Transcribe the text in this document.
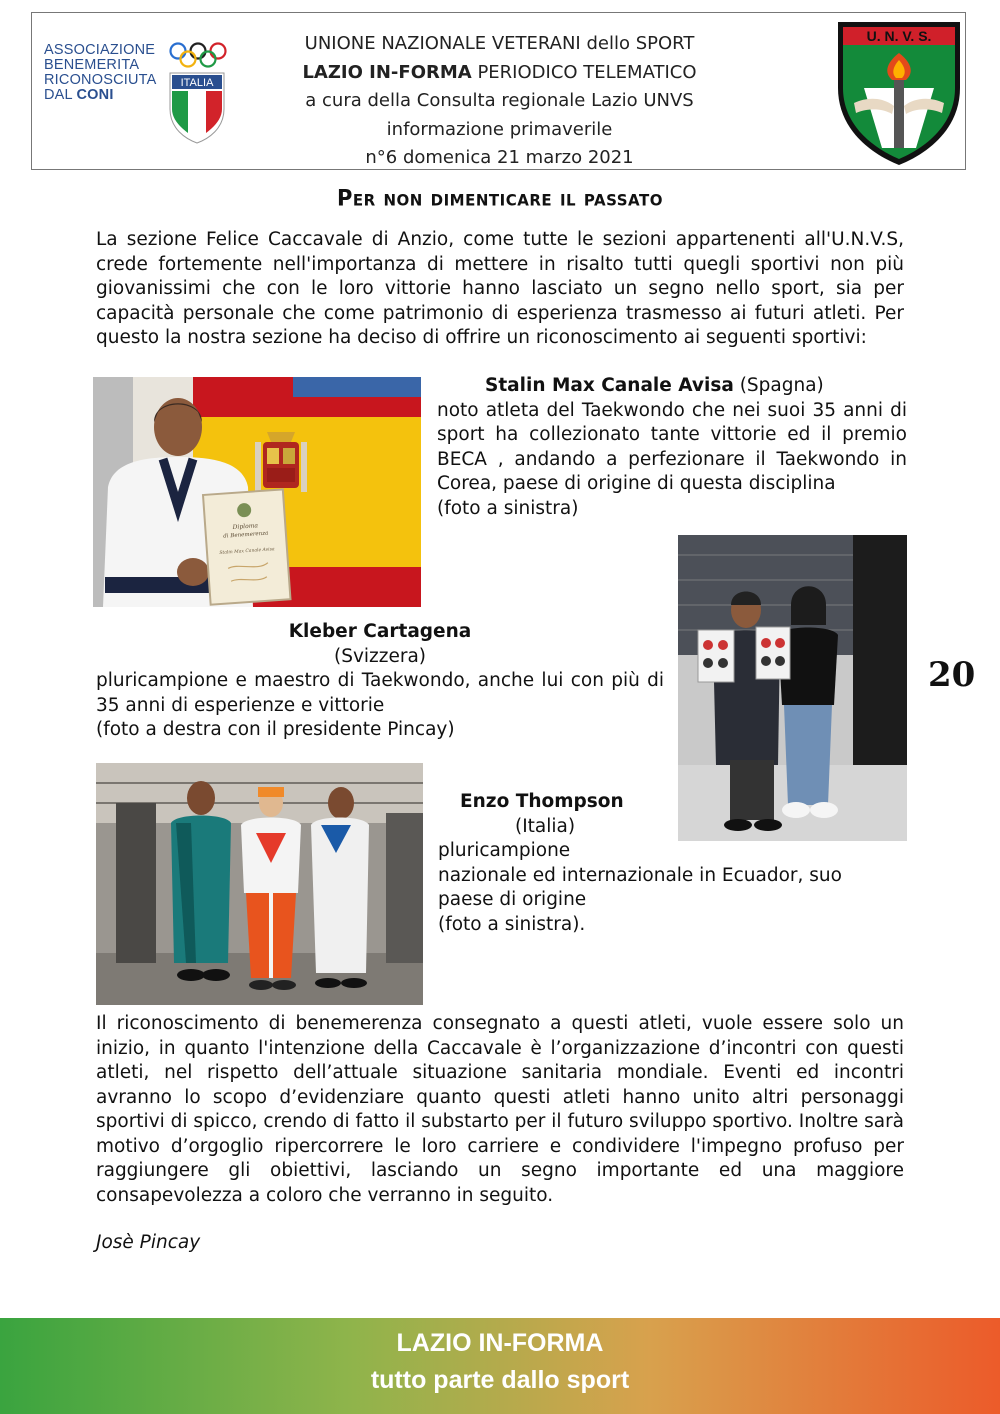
ASSOCIAZIONE
BENEMERITA
RICONOSCIUTA
DAL CONI
ITALIA
UNIONE NAZIONALE VETERANI dello SPORT
LAZIO IN-FORMA PERIODICO TELEMATICO
a cura della Consulta regionale Lazio UNVS
informazione primaverile
n°6 domenica 21 marzo 2021
U. N. V. S.
Per non dimenticare il passato
La sezione Felice Caccavale di Anzio, come tutte le sezioni appartenenti all'U.N.V.S, crede fortemente nell'importanza di mettere in risalto tutti quegli sportivi non più giovanissimi che con le loro vittorie hanno lasciato un segno nello sport, sia per capacità personale che come patrimonio di esperienza trasmesso ai futuri atleti. Per questo la nostra sezione ha deciso di offrire un riconoscimento ai seguenti sportivi:
Diploma
di Benemerenza
Stalin Max Canale Avisa
Stalin Max Canale Avisa (Spagna)
noto atleta del Taekwondo che nei suoi 35 anni di sport ha collezionato tante vittorie ed il premio BECA , andando a perfezionare il Taekwondo in Corea, paese di origine di questa disciplina
(foto a sinistra)
Kleber Cartagena
(Svizzera)
pluricampione e maestro di Taekwondo, anche lui con più di 35 anni di esperienze e vittorie
(foto a destra con il presidente Pincay)
20
Enzo Thompson
(Italia)
pluricampione
nazionale ed internazionale in Ecuador, suo paese di origine
(foto a sinistra).
Il riconoscimento di benemerenza consegnato a questi atleti, vuole essere solo un inizio, in quanto l'intenzione della Caccavale è l’organizzazione d’incontri con questi atleti, nel rispetto dell’attuale situazione sanitaria mondiale. Eventi ed incontri avranno lo scopo d’evidenziare quanto questi atleti hanno unito altri personaggi sportivi di spicco, crendo di fatto il substarto per il futuro sviluppo sportivo. Inoltre sarà motivo d’orgoglio ripercorrere le loro carriere e condividere l'impegno profuso per raggiungere gli obiettivi, lasciando un segno importante ed una maggiore consapevolezza a coloro che verranno in seguito.
Josè Pincay
LAZIO IN-FORMA
tutto parte dallo sport
